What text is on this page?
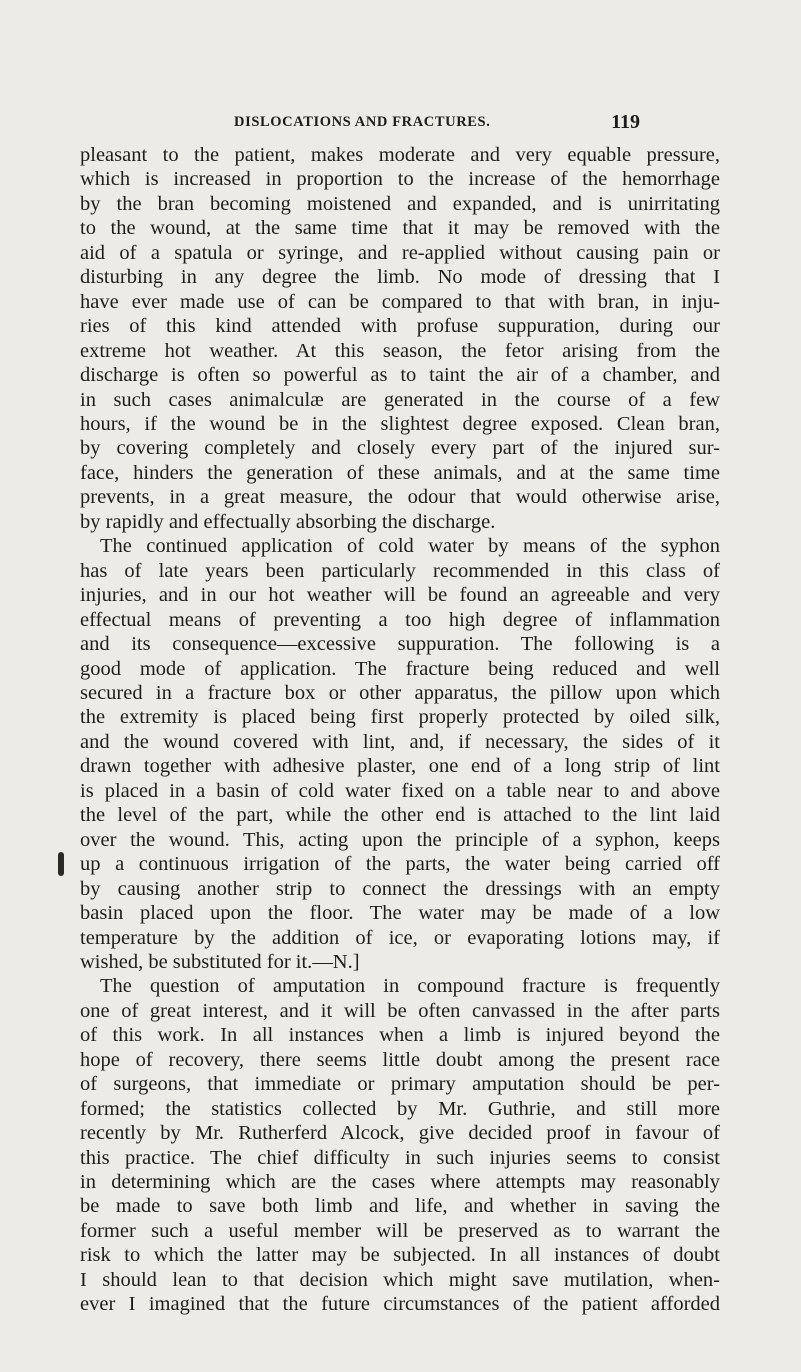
DISLOCATIONS AND FRACTURES.	119
pleasant to the patient, makes moderate and very equable pressure,
which is increased in proportion to the increase of the hemorrhage
by the bran becoming moistened and expanded, and is unirritating
to the wound, at the same time that it may be removed with the
aid of a spatula or syringe, and re-applied without causing pain or
disturbing in any degree the limb. No mode of dressing that I
have ever made use of can be compared to that with bran, in inju-
ries of this kind attended with profuse suppuration, during our
extreme hot weather. At this season, the fetor arising from the
discharge is often so powerful as to taint the air of a chamber, and
in such cases animalculæ are generated in the course of a few
hours, if the wound be in the slightest degree exposed. Clean bran,
by covering completely and closely every part of the injured sur-
face, hinders the generation of these animals, and at the same time
prevents, in a great measure, the odour that would otherwise arise,
by rapidly and effectually absorbing the discharge.
The continued application of cold water by means of the syphon
has of late years been particularly recommended in this class of
injuries, and in our hot weather will be found an agreeable and very
effectual means of preventing a too high degree of inflammation
and its consequence—excessive suppuration. The following is a
good mode of application. The fracture being reduced and well
secured in a fracture box or other apparatus, the pillow upon which
the extremity is placed being first properly protected by oiled silk,
and the wound covered with lint, and, if necessary, the sides of it
drawn together with adhesive plaster, one end of a long strip of lint
is placed in a basin of cold water fixed on a table near to and above
the level of the part, while the other end is attached to the lint laid
over the wound. This, acting upon the principle of a syphon, keeps
up a continuous irrigation of the parts, the water being carried off
by causing another strip to connect the dressings with an empty
basin placed upon the floor. The water may be made of a low
temperature by the addition of ice, or evaporating lotions may, if
wished, be substituted for it.—N.]
The question of amputation in compound fracture is frequently
one of great interest, and it will be often canvassed in the after parts
of this work. In all instances when a limb is injured beyond the
hope of recovery, there seems little doubt among the present race
of surgeons, that immediate or primary amputation should be per-
formed; the statistics collected by Mr. Guthrie, and still more
recently by Mr. Rutherferd Alcock, give decided proof in favour of
this practice. The chief difficulty in such injuries seems to consist
in determining which are the cases where attempts may reasonably
be made to save both limb and life, and whether in saving the
former such a useful member will be preserved as to warrant the
risk to which the latter may be subjected. In all instances of doubt
I should lean to that decision which might save mutilation, when-
ever I imagined that the future circumstances of the patient afforded
